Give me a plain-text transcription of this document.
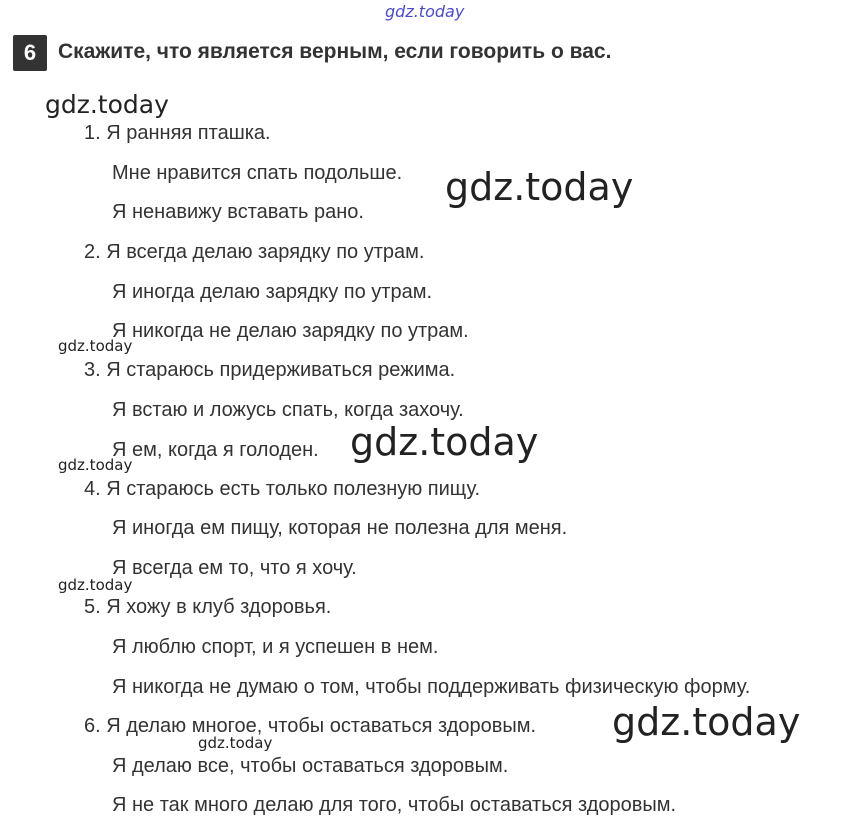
gdz.today
gdz.today
gdz.today
gdz.today
gdz.today
gdz.today
gdz.today
gdz.today
gdz.today
6	Скажите, что является верным, если говорить о вас.
1. Я ранняя пташка.
Мне нравится спать подольше.
Я ненавижу вставать рано.
2. Я всегда делаю зарядку по утрам.
Я иногда делаю зарядку по утрам.
Я никогда не делаю зарядку по утрам.
3. Я стараюсь придерживаться режима.
Я встаю и ложусь спать, когда захочу.
Я ем, когда я голоден.
4. Я стараюсь есть только полезную пищу.
Я иногда ем пищу, которая не полезна для меня.
Я всегда ем то, что я хочу.
5. Я хожу в клуб здоровья.
Я люблю спорт, и я успешен в нем.
Я никогда не думаю о том, чтобы поддерживать физическую форму.
6. Я делаю многое, чтобы оставаться здоровым.
Я делаю все, чтобы оставаться здоровым.
Я не так много делаю для того, чтобы оставаться здоровым.
